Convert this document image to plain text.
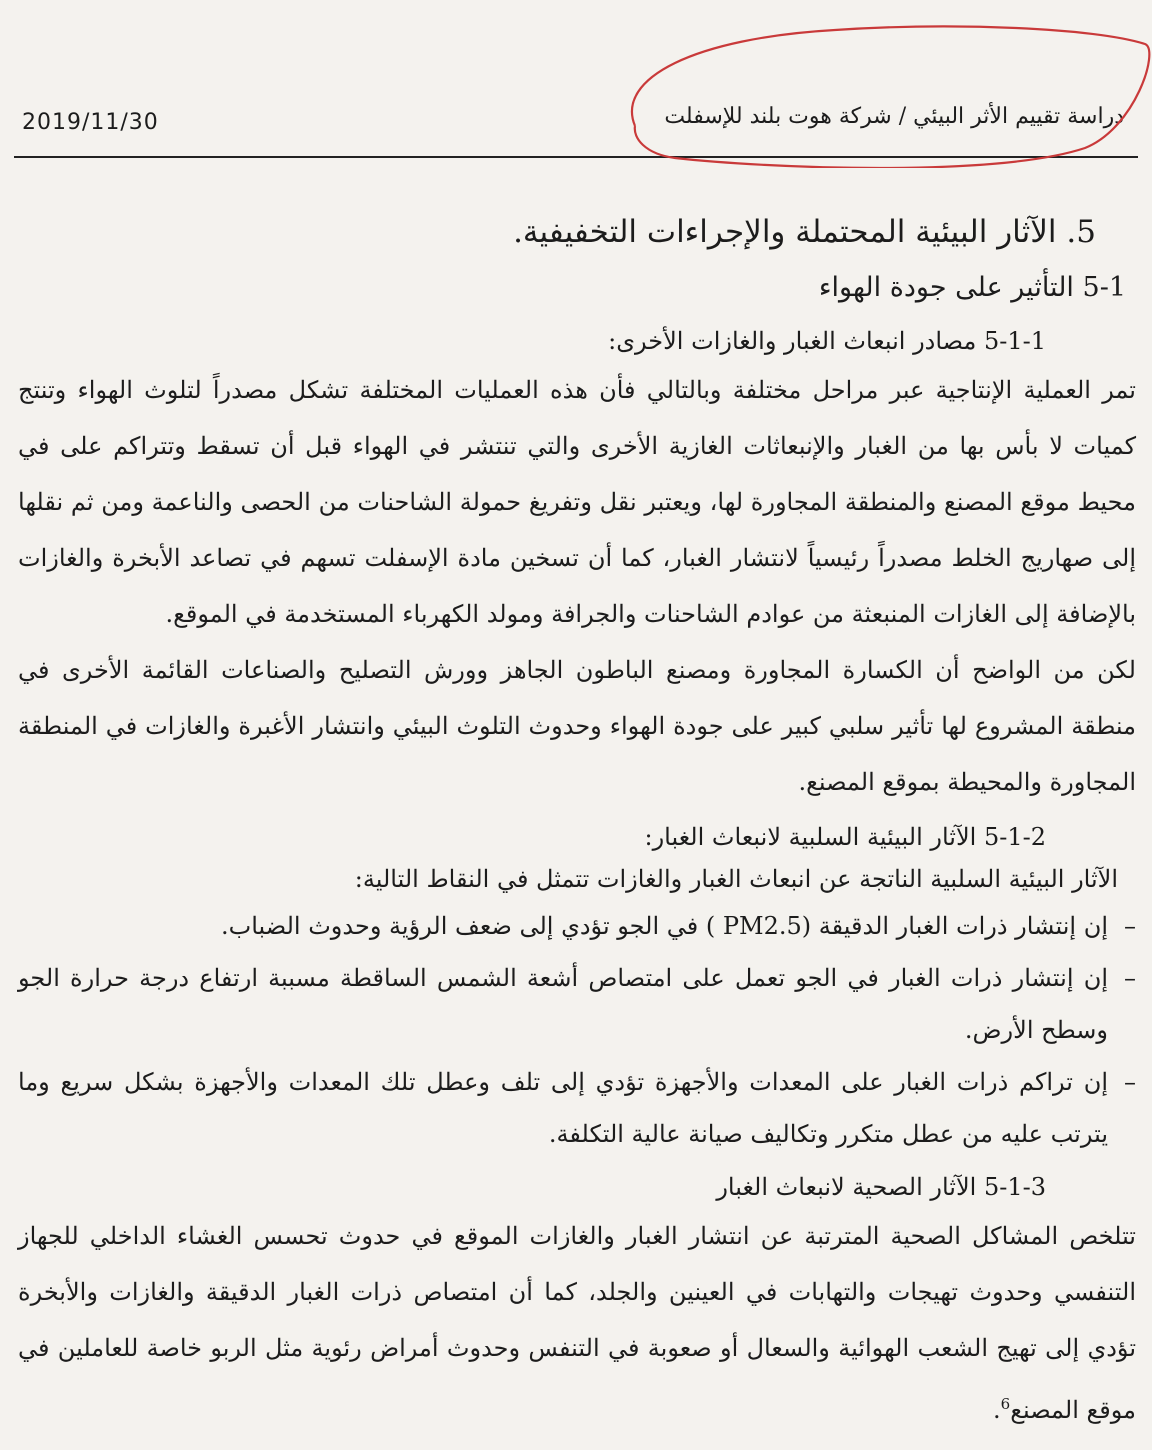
2019/11/30	دراسة تقييم الأثر البيئي / شركة هوت بلند للإسفلت
5. الآثار البيئية المحتملة والإجراءات التخفيفية.
5-1 التأثير على جودة الهواء
5-1-1 مصادر انبعاث الغبار والغازات الأخرى:

تمر العملية الإنتاجية عبر مراحل مختلفة وبالتالي فأن هذه العمليات المختلفة تشكل مصدراً لتلوث الهواء وتنتج كميات لا بأس بها من الغبار والإنبعاثات الغازية الأخرى والتي تنتشر في الهواء قبل أن تسقط وتتراكم على في محيط موقع المصنع والمنطقة المجاورة لها، ويعتبر نقل وتفريغ حمولة الشاحنات من الحصى والناعمة ومن ثم نقلها إلى صهاريج الخلط مصدراً رئيسياً لانتشار الغبار، كما أن تسخين مادة الإسفلت تسهم في تصاعد الأبخرة والغازات بالإضافة إلى الغازات المنبعثة من عوادم الشاحنات والجرافة ومولد الكهرباء المستخدمة في الموقع.

لكن من الواضح أن الكسارة المجاورة ومصنع الباطون الجاهز وورش التصليح والصناعات القائمة الأخرى في منطقة المشروع لها تأثير سلبي كبير على جودة الهواء وحدوث التلوث البيئي وانتشار الأغبرة والغازات في المنطقة المجاورة والمحيطة بموقع المصنع.

5-1-2 الآثار البيئية السلبية لانبعاث الغبار:

الآثار البيئية السلبية الناتجة عن انبعاث الغبار والغازات تتمثل في النقاط التالية:

–
إن إنتشار ذرات الغبار الدقيقة (PM2.5 ) في الجو تؤدي إلى ضعف الرؤية وحدوث الضباب.
–
إن إنتشار ذرات الغبار في الجو تعمل على امتصاص أشعة الشمس الساقطة مسببة ارتفاع درجة حرارة الجو وسطح الأرض.
–
إن تراكم ذرات الغبار على المعدات والأجهزة تؤدي إلى تلف وعطل تلك المعدات والأجهزة بشكل سريع وما يترتب عليه من عطل متكرر وتكاليف صيانة عالية التكلفة.
5-1-3 الآثار الصحية لانبعاث الغبار

تتلخص المشاكل الصحية المترتبة عن انتشار الغبار والغازات الموقع في حدوث تحسس الغشاء الداخلي للجهاز التنفسي وحدوث تهيجات والتهابات في العينين والجلد، كما أن امتصاص ذرات الغبار الدقيقة والغازات والأبخرة تؤدي إلى تهيج الشعب الهوائية والسعال أو صعوبة في التنفس وحدوث أمراض رئوية مثل الربو خاصة للعاملين في موقع المصنع$^6$.
